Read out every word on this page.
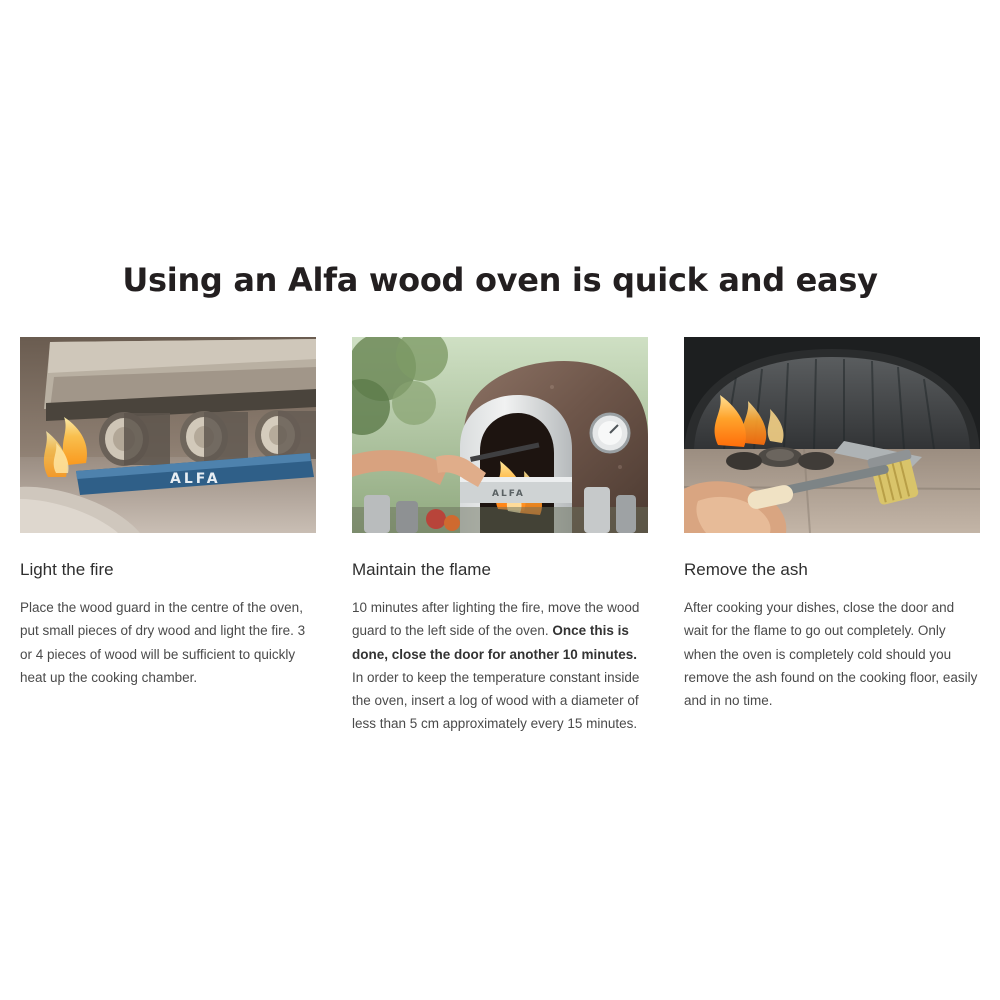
Using an Alfa wood oven is quick and easy
ALFA
Light the fire
Place the wood guard in the centre of the oven, put small pieces of dry wood and light the fire. 3 or 4 pieces of wood will be sufficient to quickly heat up the cooking chamber.
ALFA
Maintain the flame
10 minutes after lighting the fire, move the wood guard to the left side of the oven. Once this is done, close the door for another 10 minutes. In order to keep the temperature constant inside the oven, insert a log of wood with a diameter of less than 5 cm approximately every 15 minutes.
Remove the ash
After cooking your dishes, close the door and wait for the flame to go out completely. Only when the oven is completely cold should you remove the ash found on the cooking floor, easily and in no time.
